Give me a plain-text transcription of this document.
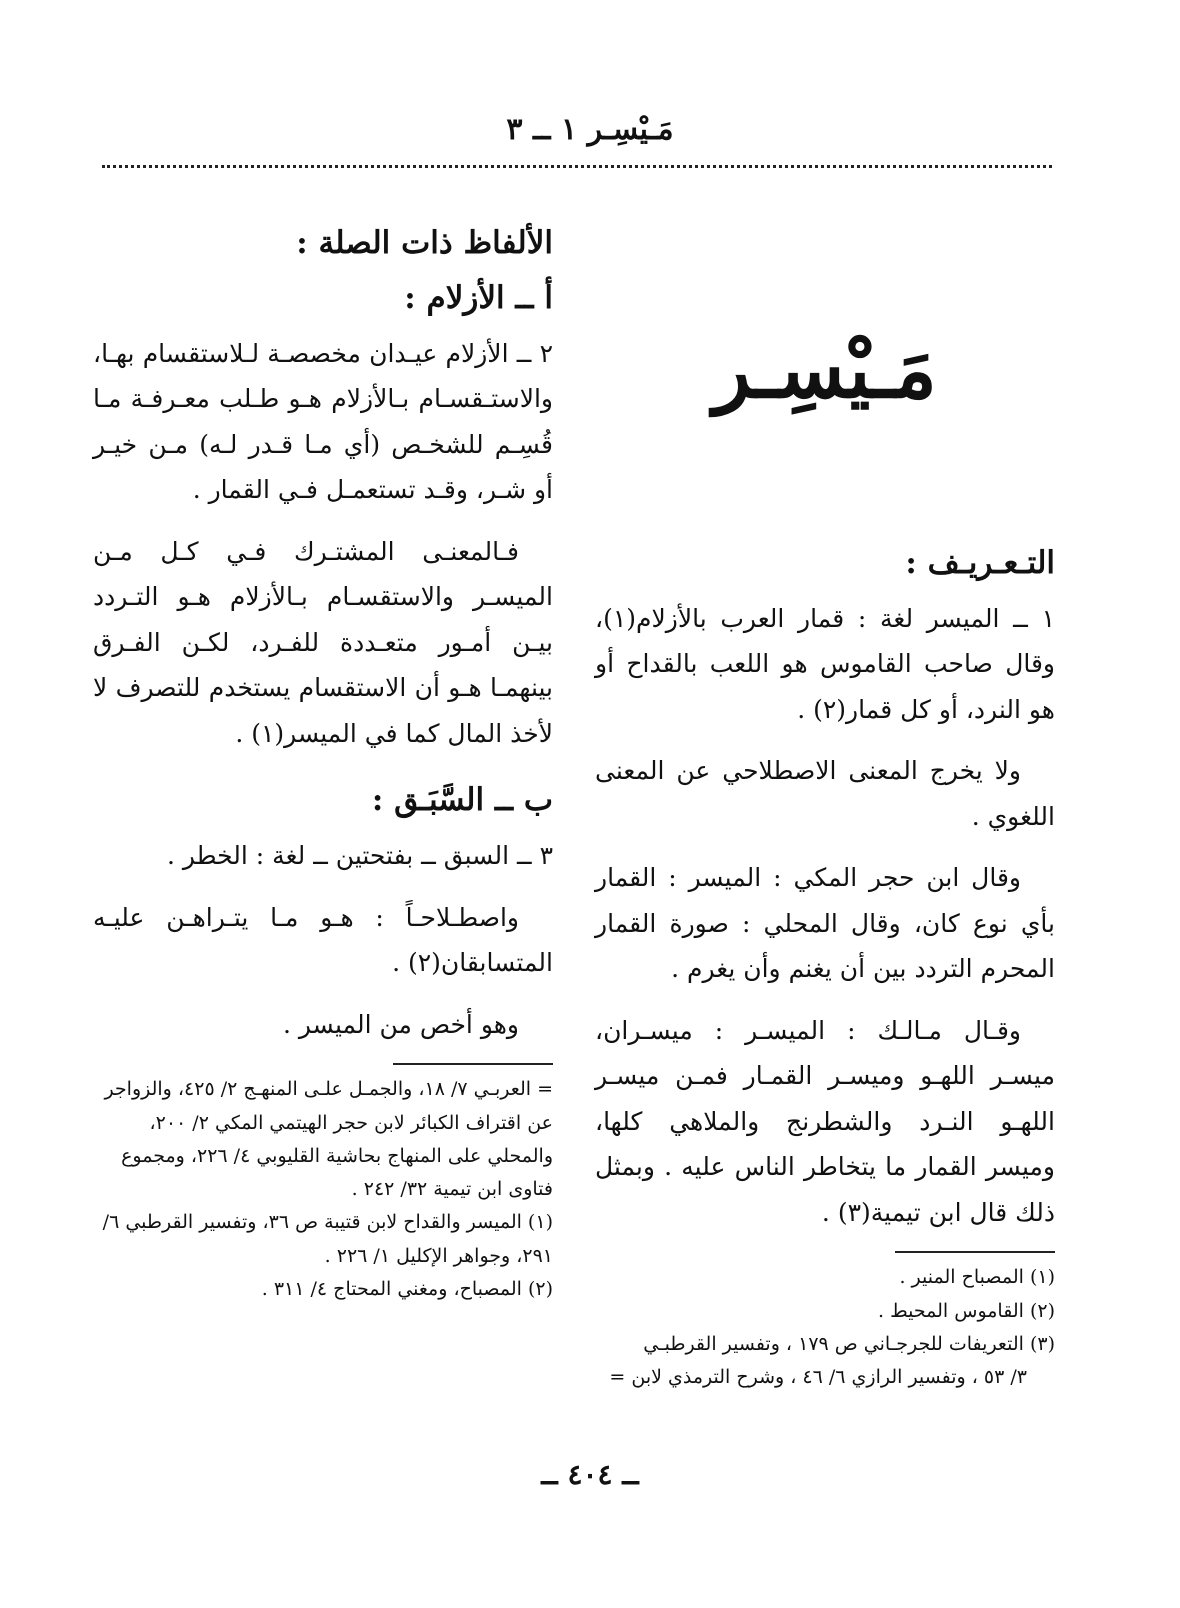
مَـيْسِـر ١ ــ ٣
مَـيْسِـر
التـعـريـف :

١ ــ الميسر لغة : قمار العرب بالأزلام(١)، وقال صاحب القاموس هو اللعب بالقداح أو هو النرد، أو كل قمار(٢) .

ولا يخرج المعنى الاصطلاحي عن المعنى اللغوي .

وقال ابن حجر المكي : الميسر : القمار بأي نوع كان، وقال المحلي : صورة القمار المحرم التردد بين أن يغنم وأن يغرم .

وقـال مـالـك : الميسـر : ميسـران، ميسـر اللهـو وميسـر القمـار فمـن ميسـر اللهـو النـرد والشطرنج والملاهي كلها، وميسر القمار ما يتخاطر الناس عليه . وبمثل ذلك قال ابن تيمية(٣) .

(١) المصباح المنير .

(٢) القاموس المحيط .

(٣) التعريفات للجرجـاني ص ١٧٩ ، وتفسير القرطبـي

٣/ ٥٣ ، وتفسير الرازي ٦/ ٤٦ ، وشرح الترمذي لابن =

الألفاظ ذات الصلة :
أ ــ الأزلام :

٢ ــ الأزلام عيـدان مخصصـة لـلاستقسام بهـا، والاستـقسـام بـالأزلام هـو طـلب معـرفـة مـا قُسِـم للشخـص (أي مـا قـدر لـه) مـن خيـر أو شـر، وقـد تستعمـل فـي القمار .

فـالمعنـى المشتـرك فـي كـل مـن الميسـر والاستقسـام بـالأزلام هـو التـردد بيـن أمـور متعـددة للفـرد، لكـن الفـرق بينهمـا هـو أن الاستقسام يستخدم للتصرف لا لأخذ المال كما في الميسر(١) .

ب ــ السَّبَـق :

٣ ــ السبق ــ بفتحتين ــ لغة : الخطر .

واصطـلاحـاً : هـو مـا يتـراهـن عليـه المتسابقان(٢) .

وهو أخص من الميسر .

= العربـي ٧/ ١٨، والجمـل علـى المنهـج ٢/ ٤٢٥، والزواجر عن اقتراف الكبائر لابن حجر الهيتمي المكي ٢/ ٢٠٠، والمحلي على المنهاج بحاشية القليوبي ٤/ ٢٢٦، ومجموع فتاوى ابن تيمية ٣٢/ ٢٤٢ .

(١) الميسر والقداح لابن قتيبة ص ٣٦، وتفسير القرطبي ٦/ ٢٩١، وجواهر الإكليل ١/ ٢٢٦ .

(٢) المصباح، ومغني المحتاج ٤/ ٣١١ .

ــ ٤٠٤ ــ
